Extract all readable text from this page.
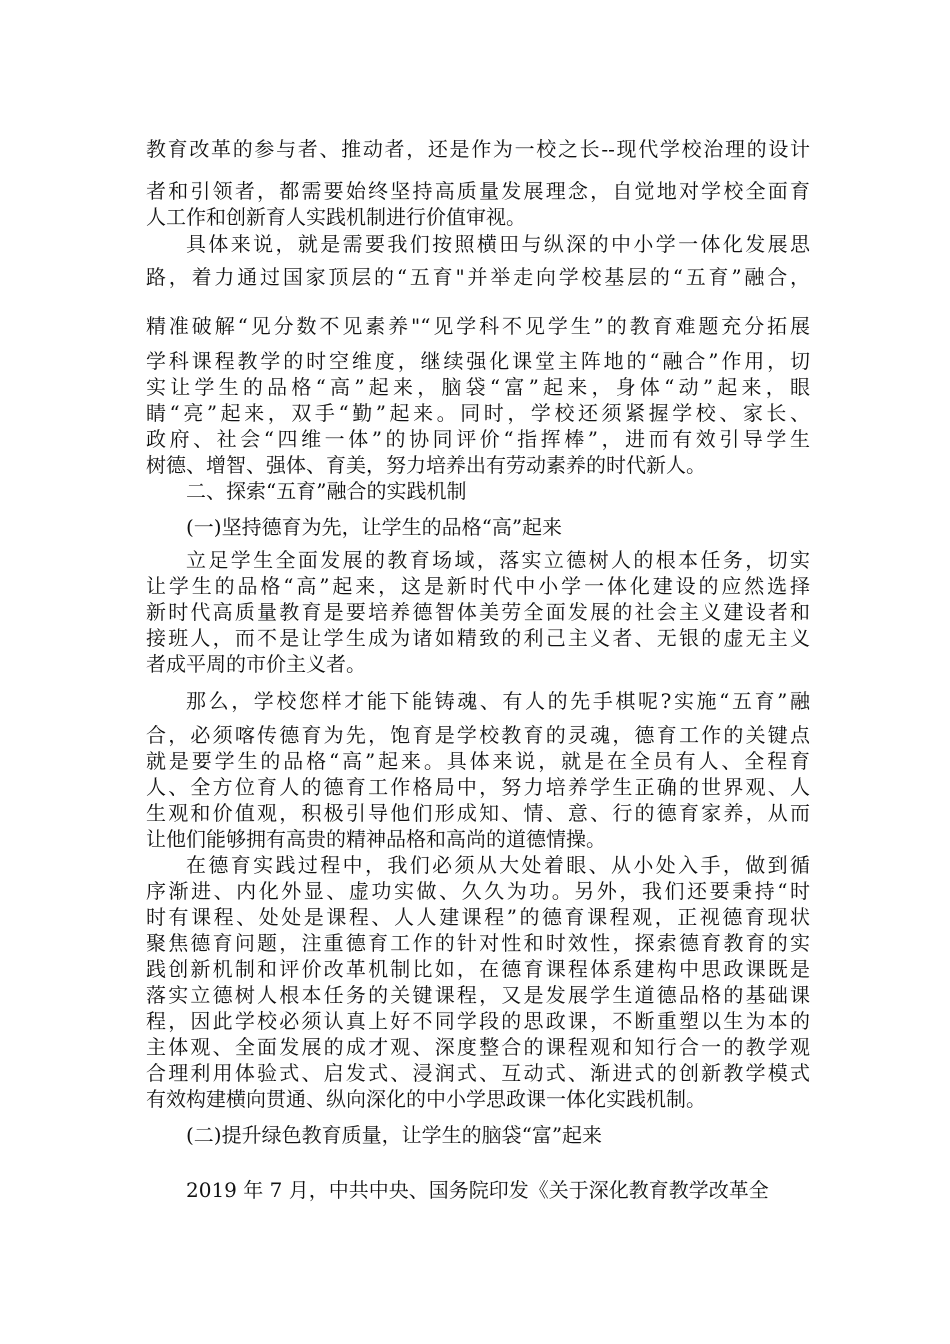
教育改革的参与者、推动者，还是作为一校之长--现代学校治理的设计
者和引领者，都需要始终坚持高质量发展理念，自觉地对学校全面育
人工作和创新育人实践机制进行价值审视。
具体来说，就是需要我们按照横田与纵深的中小学一体化发展思
路，着力通过国家顶层的“五育"并举走向学校基层的“五育”融合，
精准破解“见分数不见素养"“见学科不见学生”的教育难题充分拓展
学科课程教学的时空维度，继续强化课堂主阵地的“融合”作用，切
实让学生的品格“高”起来，脑袋“富”起来，身体“动”起来，眼
睛“亮”起来，双手“勤”起来。同时，学校还须紧握学校、家长、
政府、社会“四维一体”的协同评价“指挥棒”，进而有效引导学生
树德、增智、强体、育美，努力培养出有劳动素养的时代新人。
二、探索“五育”融合的实践机制
(一)坚持德育为先，让学生的品格“高”起来
立足学生全面发展的教育场域，落实立德树人的根本任务，切实
让学生的品格“高”起来，这是新时代中小学一体化建设的应然选择
新时代高质量教育是要培养德智体美劳全面发展的社会主义建设者和
接班人，而不是让学生成为诸如精致的利己主义者、无银的虚无主义
者成平周的市价主义者。
那么，学校您样才能下能铸魂、有人的先手棋呢?实施“五育”融
合，必须喀传德育为先，饱育是学校教育的灵魂，德育工作的关键点
就是要学生的品格“高”起来。具体来说，就是在全员有人、全程育
人、全方位育人的德育工作格局中，努力培养学生正确的世界观、人
生观和价值观，积极引导他们形成知、情、意、行的德育家养，从而
让他们能够拥有高贵的精神品格和高尚的道德情操。
在德育实践过程中，我们必须从大处着眼、从小处入手，做到循
序渐进、内化外显、虚功实做、久久为功。另外，我们还要秉持“时
时有课程、处处是课程、人人建课程”的德育课程观，正视德育现状
聚焦德育问题，注重德育工作的针对性和时效性，探索德育教育的实
践创新机制和评价改革机制比如，在德育课程体系建构中思政课既是
落实立德树人根本任务的关键课程，又是发展学生道德品格的基础课
程，因此学校必须认真上好不同学段的思政课，不断重塑以生为本的
主体观、全面发展的成才观、深度整合的课程观和知行合一的教学观
合理利用体验式、启发式、浸润式、互动式、渐进式的创新教学模式
有效构建横向贯通、纵向深化的中小学思政课一体化实践机制。
(二)提升绿色教育质量，让学生的脑袋“富”起来
2019 年 7 月，中共中央、国务院印发《关于深化教育教学改革全
